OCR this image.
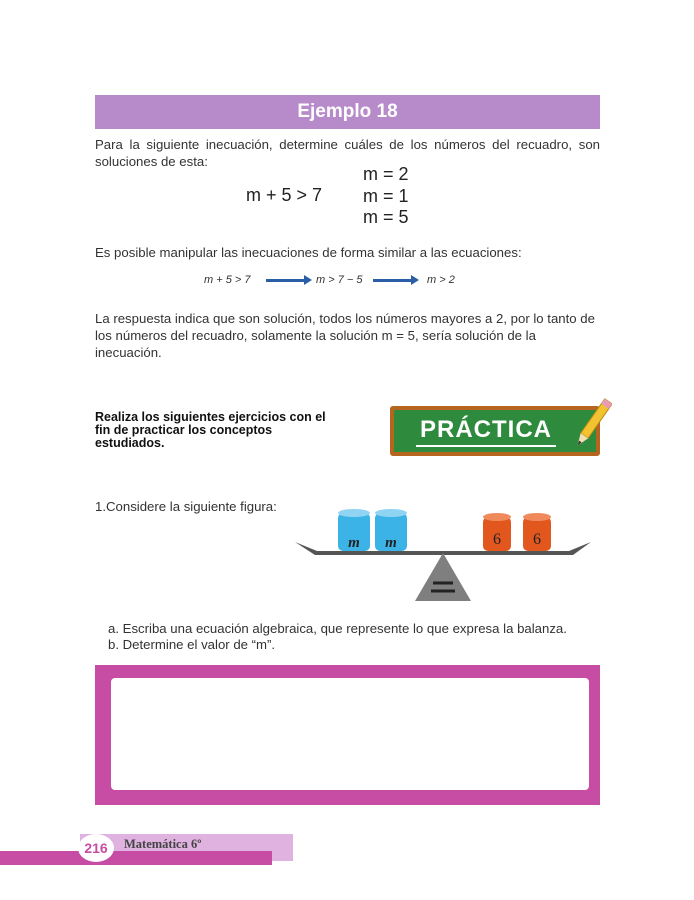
Ejemplo 18
Para la siguiente inecuación, determine cuáles de los números del recuadro, son soluciones de esta:
m + 5 > 7
m = 2
m = 1
m = 5
Es posible manipular las inecuaciones de forma similar a las ecuaciones:
m + 5 > 7	m > 7 − 5	m > 2
La respuesta indica que son solución, todos los números mayores a 2, por lo tanto de los números del recuadro, solamente la solución m = 5, sería solución de la inecuación.
Realiza los siguientes ejercicios con el fin de practicar los conceptos estudiados.
PRÁCTICA
1.Considere la siguiente figura:
m m	6 6
a. Escriba una ecuación algebraica, que represente lo que expresa la balanza.
b. Determine el valor de “m”.
216	Matemática 6º
